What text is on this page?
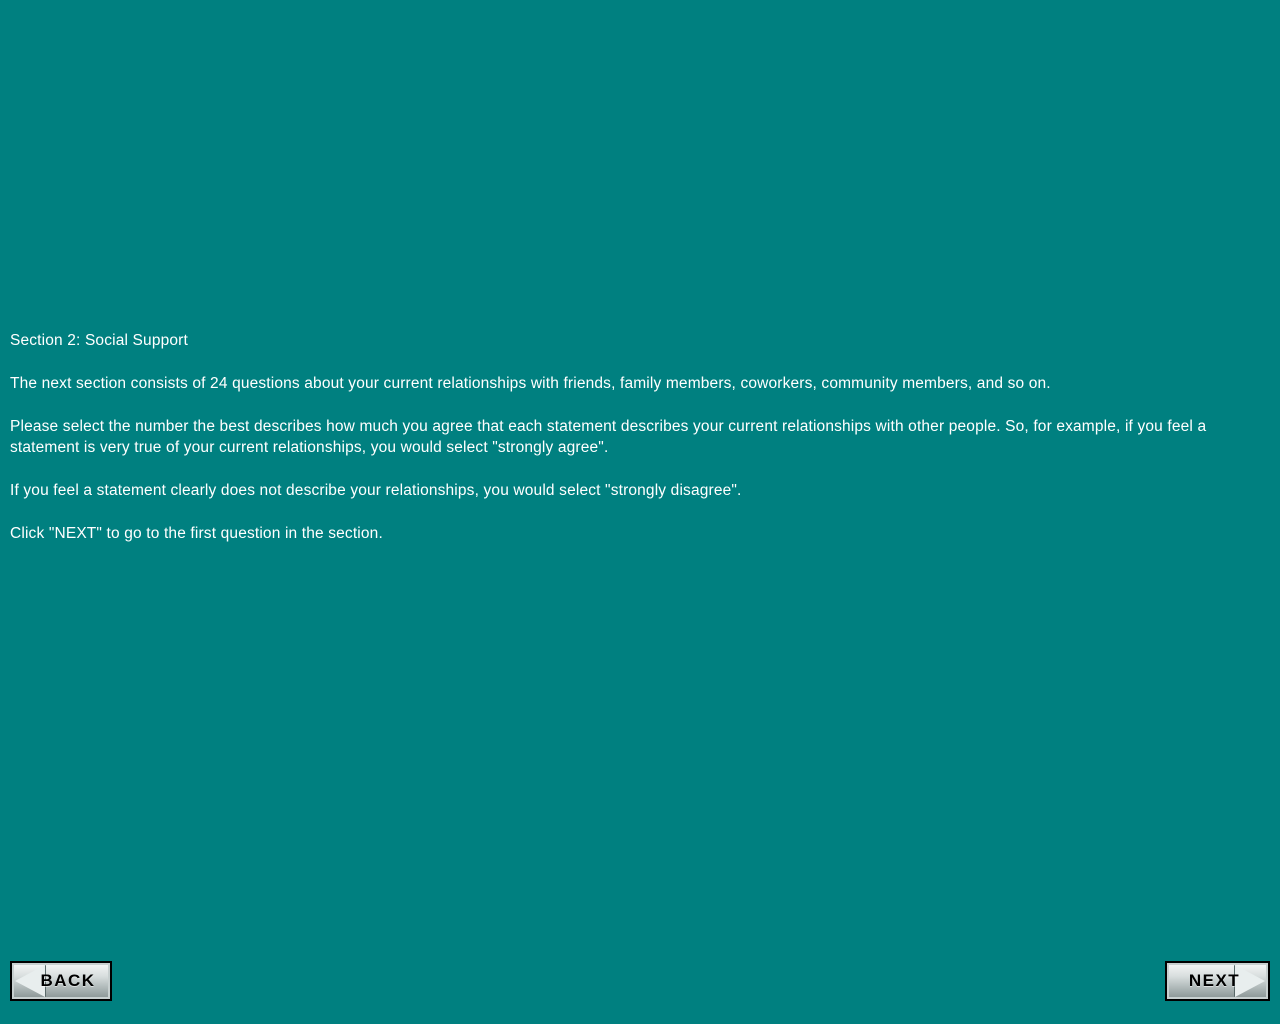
Section 2: Social Support

The next section consists of 24 questions about your current relationships with friends, family members, coworkers, community members, and so on.

Please select the number the best describes how much you agree that each statement describes your current relationships with other people. So, for example, if you feel a statement is very true of your current relationships, you would select "strongly agree".

If you feel a statement clearly does not describe your relationships, you would select "strongly disagree".

Click "NEXT" to go to the first question in the section.

BACK	NEXT
